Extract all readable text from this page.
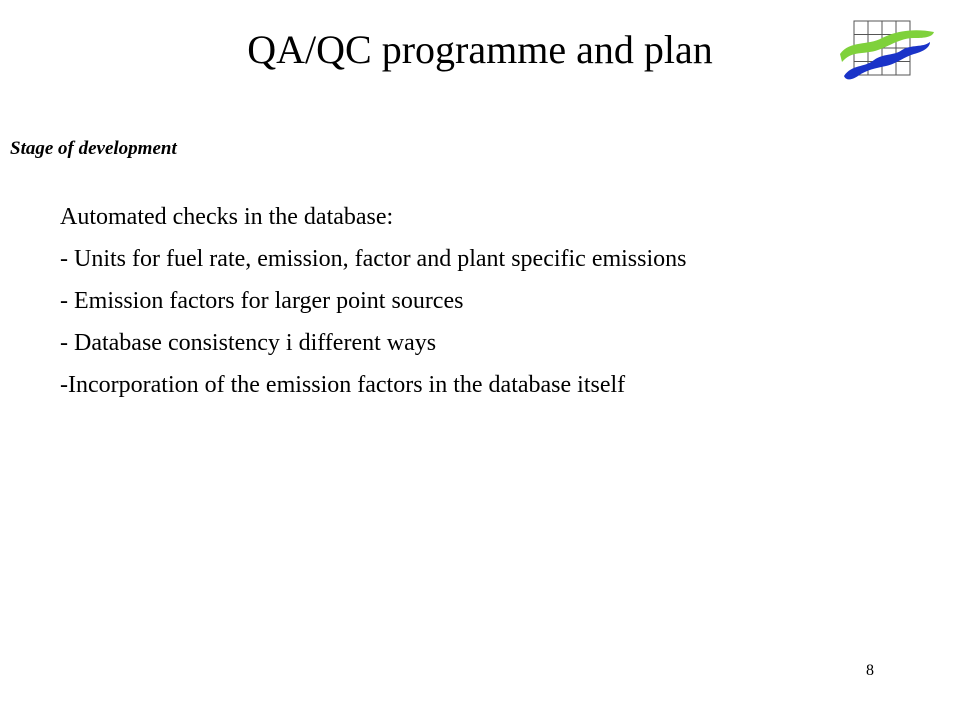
QA/QC programme and plan

Stage of development

Automated checks in the database:

- Units for fuel rate, emission, factor and plant specific emissions

- Emission factors for larger point sources

- Database consistency i different ways

-Incorporation of the emission factors in the database itself

8
